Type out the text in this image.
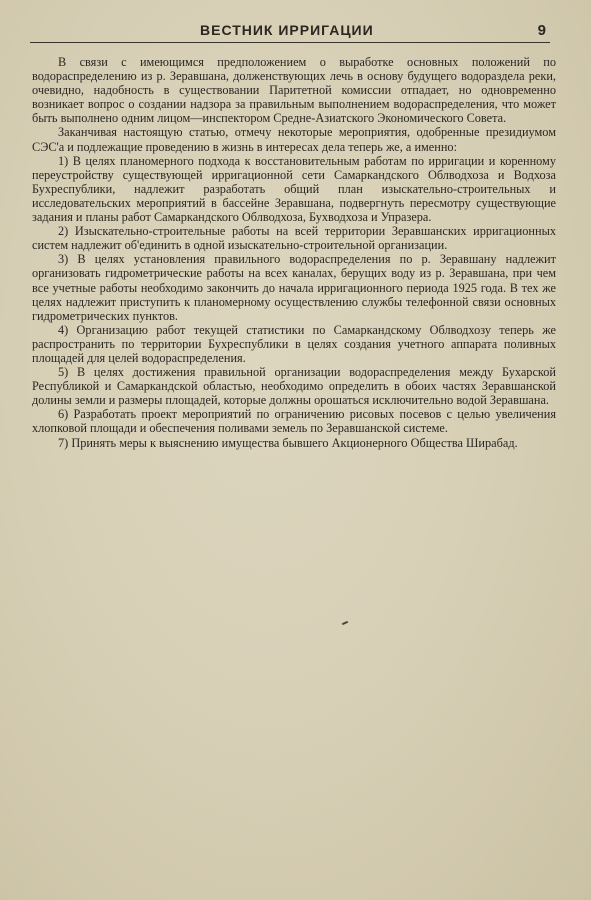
ВЕСТНИК ИРРИГАЦИИ	9

В связи с имеющимся предположением о выработке основных положений по водораспределению из р. Зеравшана, долженствующих лечь в основу будущего водораздела реки, очевидно, надобность в существовании Паритетной комиссии отпадает, но одновременно возникает вопрос о создании надзора за правильным выполнением водораспределения, что может быть выполнено одним лицом—инспектором Средне-Азиатского Экономического Совета.

Заканчивая настоящую статью, отмечу некоторые мероприятия, одобренные президиумом СЭС'а и подлежащие проведению в жизнь в интересах дела теперь же, а именно:

1) В целях планомерного подхода к восстановительным работам по ирригации и коренному переустройству существующей ирригационной сети Самаркандского Облводхоза и Водхоза Бухреспублики, надлежит разработать общий план изыскательно-строительных и исследовательских мероприятий в бассейне Зеравшана, подвергнуть пересмотру существующие задания и планы работ Самаркандского Облводхоза, Бухводхоза и Упразера.

2) Изыскательно-строительные работы на всей территории Зеравшанских ирригационных систем надлежит об'единить в одной изыскательно-строительной организации.

3) В целях установления правильного водораспределения по р. Зеравшану надлежит организовать гидрометрические работы на всех каналах, берущих воду из р. Зеравшана, при чем все учетные работы необходимо закончить до начала ирригационного периода 1925 года. В тех же целях надлежит приступить к планомерному осуществлению службы телефонной связи основных гидрометрических пунктов.

4) Организацию работ текущей статистики по Самаркандскому Облводхозу теперь же распространить по территории Бухреспублики в целях создания учетного аппарата поливных площадей для целей водораспределения.

5) В целях достижения правильной организации водораспределения между Бухарской Республикой и Самаркандской областью, необходимо определить в обоих частях Зеравшанской долины земли и размеры площадей, которые должны орошаться исключительно водой Зеравшана.

6) Разработать проект мероприятий по ограничению рисовых посевов с целью увеличения хлопковой площади и обеспечения поливами земель по Зеравшанской системе.

7) Принять меры к выяснению имущества бывшего Акционерного Общества Ширабад.
